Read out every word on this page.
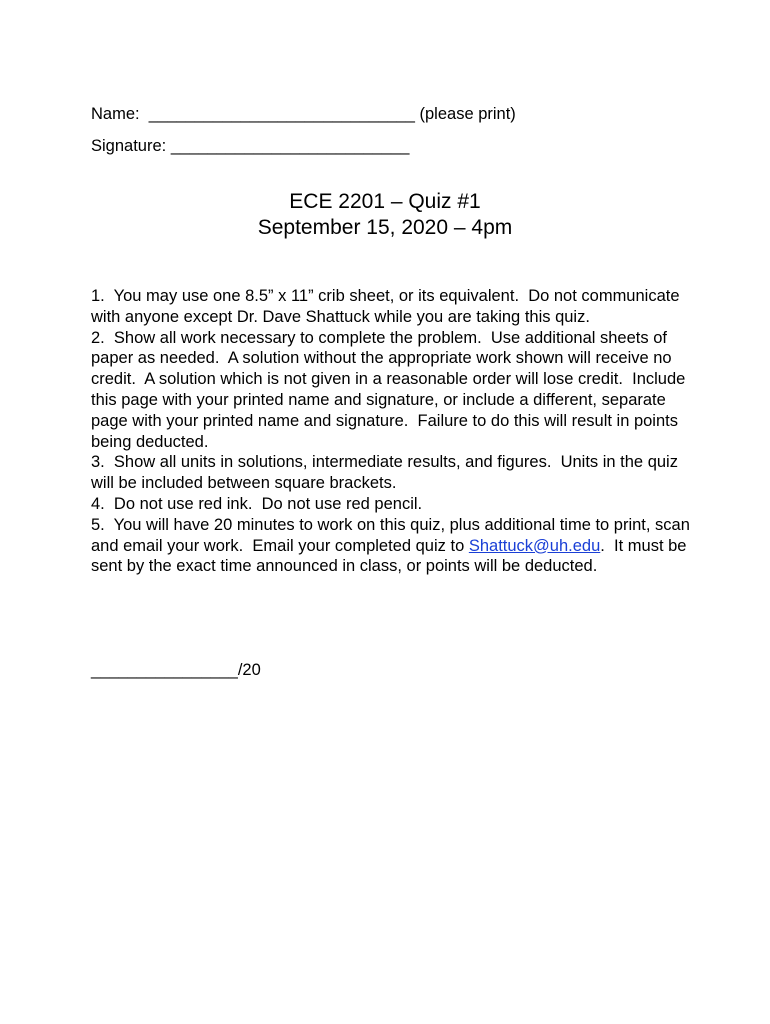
Name: _____________________________ (please print)
Signature: __________________________
ECE 2201 – Quiz #1
September 15, 2020 – 4pm

1.  You may use one 8.5” x 11” crib sheet, or its equivalent.  Do not communicate with anyone except Dr. Dave Shattuck while you are taking this quiz.

2.  Show all work necessary to complete the problem.  Use additional sheets of paper as needed.  A solution without the appropriate work shown will receive no credit.  A solution which is not given in a reasonable order will lose credit.  Include this page with your printed name and signature, or include a different, separate page with your printed name and signature.  Failure to do this will result in points being deducted.

3.  Show all units in solutions, intermediate results, and figures.  Units in the quiz will be included between square brackets.

4.  Do not use red ink.  Do not use red pencil.

5.  You will have 20 minutes to work on this quiz, plus additional time to print, scan and email your work.  Email your completed quiz to Shattuck@uh.edu.  It must be sent by the exact time announced in class, or points will be deducted.

________________/20
